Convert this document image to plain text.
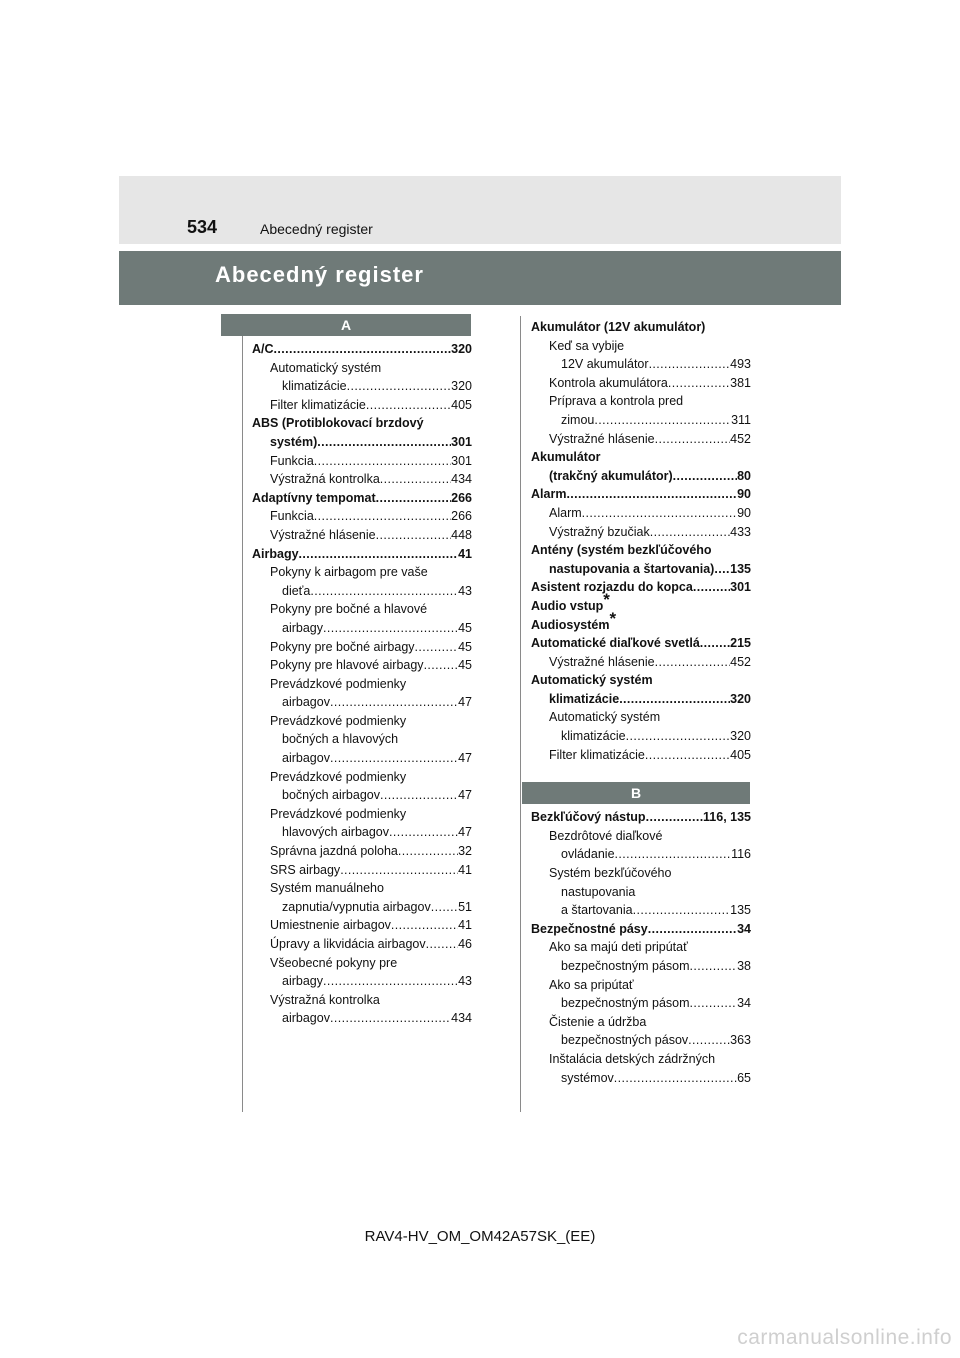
534	Abecedný register
Abecedný register
A
A/C .....	320
Automatický systém
klimatizácie .....	320
Filter klimatizácie .....	405
ABS (Protiblokovací brzdový
systém) .....	301
Funkcia .....	301
Výstražná kontrolka .....	434
Adaptívny tempomat .....	266
Funkcia .....	266
Výstražné hlásenie .....	448
Airbagy .....	41
Pokyny k airbagom pre vaše
dieťa .....	43
Pokyny pre bočné a hlavové
airbagy .....	45
Pokyny pre bočné airbagy .....	45
Pokyny pre hlavové airbagy .....	45
Prevádzkové podmienky
airbagov .....	47
Prevádzkové podmienky
bočných a hlavových
airbagov .....	47
Prevádzkové podmienky
bočných airbagov .....	47
Prevádzkové podmienky
hlavových airbagov .....	47
Správna jazdná poloha .....	32
SRS airbagy .....	41
Systém manuálneho
zapnutia/vypnutia airbagov ..... 51
Umiestnenie airbagov .....	41
Úpravy a likvidácia airbagov .....	46
Všeobecné pokyny pre
airbagy .....	43
Výstražná kontrolka
airbagov .....	434
Akumulátor (12V akumulátor)
Keď sa vybije
12V akumulátor .....	493
Kontrola akumulátora .....	381
Príprava a kontrola pred
zimou .....	311
Výstražné hlásenie .....	452
Akumulátor
(trakčný akumulátor) .....	80
Alarm .....	90
Alarm .....	90
Výstražný bzučiak .....	433
Antény (systém bezkľúčového
nastupovania a štartovania) ..... 135
Asistent rozjazdu do kopca .....	301
Audio vstup*
Audiosystém*
Automatické diaľkové svetlá ..... 215
Výstražné hlásenie .....	452
Automatický systém
klimatizácie .....	320
Automatický systém
klimatizácie .....	320
Filter klimatizácie .....	405
B
Bezkľúčový nástup .....	116, 135
Bezdrôtové diaľkové
ovládanie .....	116
Systém bezkľúčového
nastupovania
a štartovania .....	135
Bezpečnostné pásy .....	34
Ako sa majú deti pripútať
bezpečnostným pásom .....	38
Ako sa pripútať
bezpečnostným pásom .....	34
Čistenie a údržba
bezpečnostných pásov .....	363
Inštalácia detských zádržných
systémov .....	65
RAV4-HV_OM_OM42A57SK_(EE)
carmanualsonline.info
